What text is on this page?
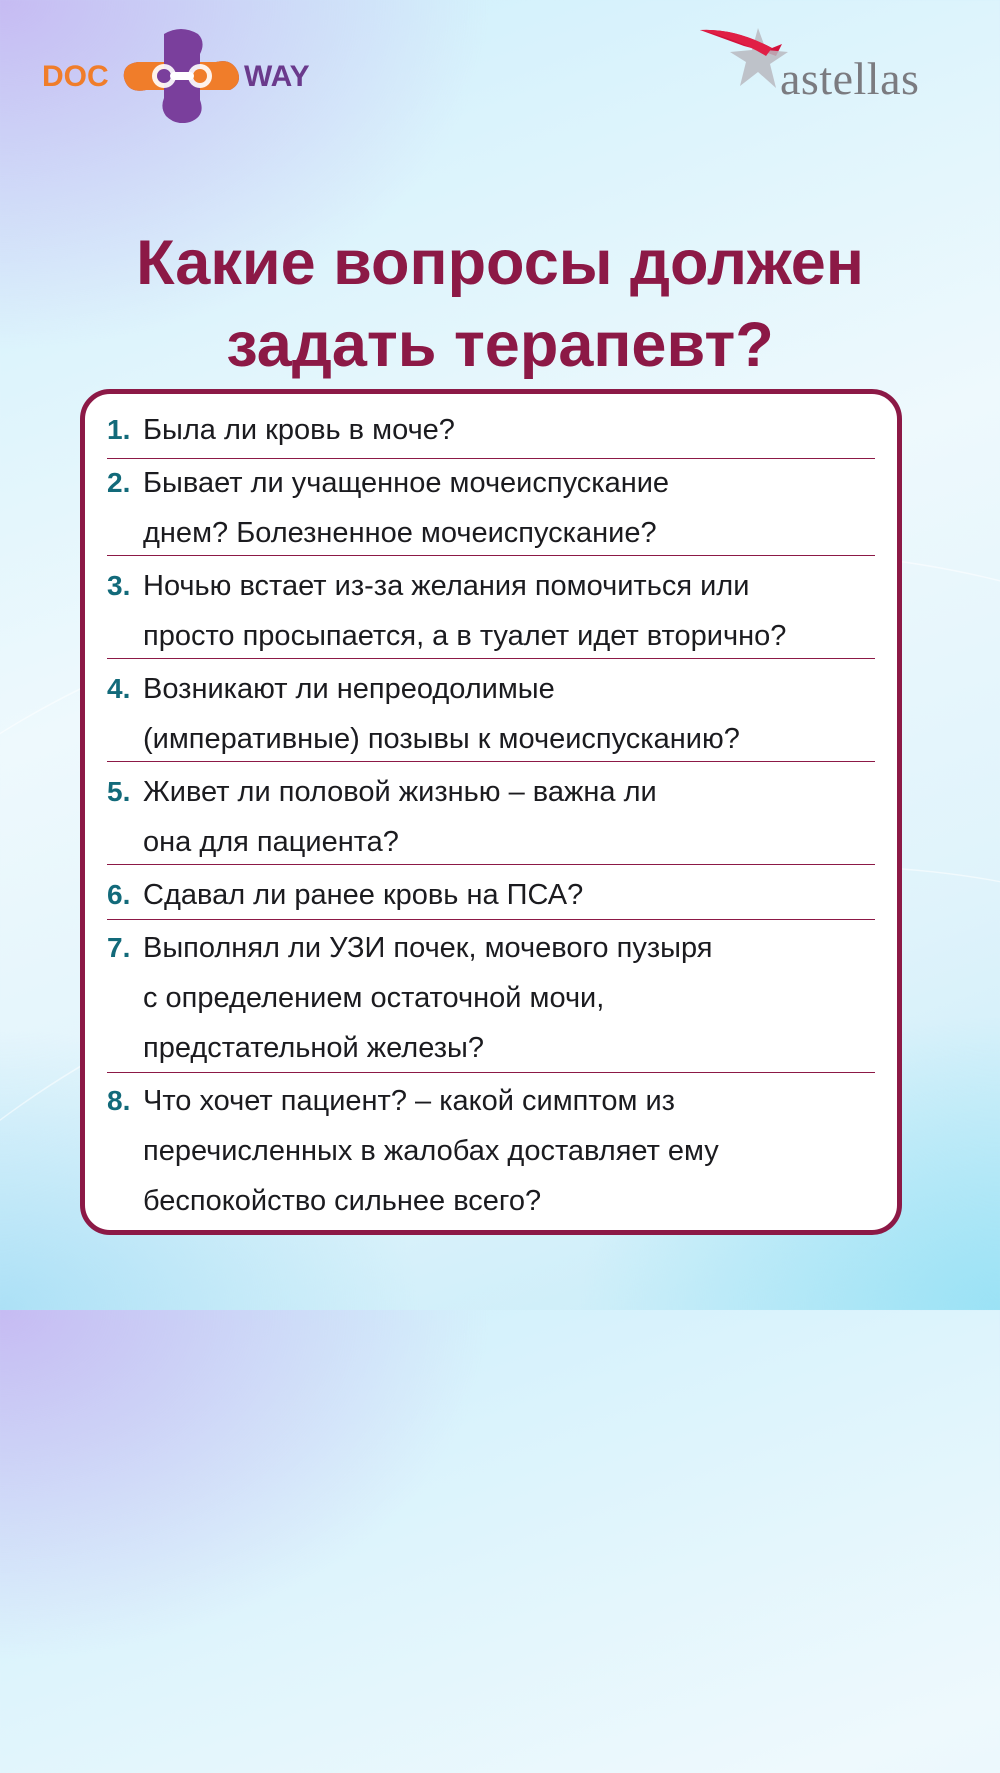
DOC	WAY	astellas
Какие вопросы должен
задать терапевт?
1. Была ли кровь в моче?
2. Бывает ли учащенное мочеиспускание
днем? Болезненное мочеиспускание?
3. Ночью встает из-за желания помочиться или
просто просыпается, а в туалет идет вторично?
4. Возникают ли непреодолимые
(императивные) позывы к мочеиспусканию?
5. Живет ли половой жизнью – важна ли
она для пациента?
6. Сдавал ли ранее кровь на ПСА?
7. Выполнял ли УЗИ почек, мочевого пузыря
с определением остаточной мочи,
предстательной железы?
8. Что хочет пациент? – какой симптом из
перечисленных в жалобах доставляет ему
беспокойство сильнее всего?
